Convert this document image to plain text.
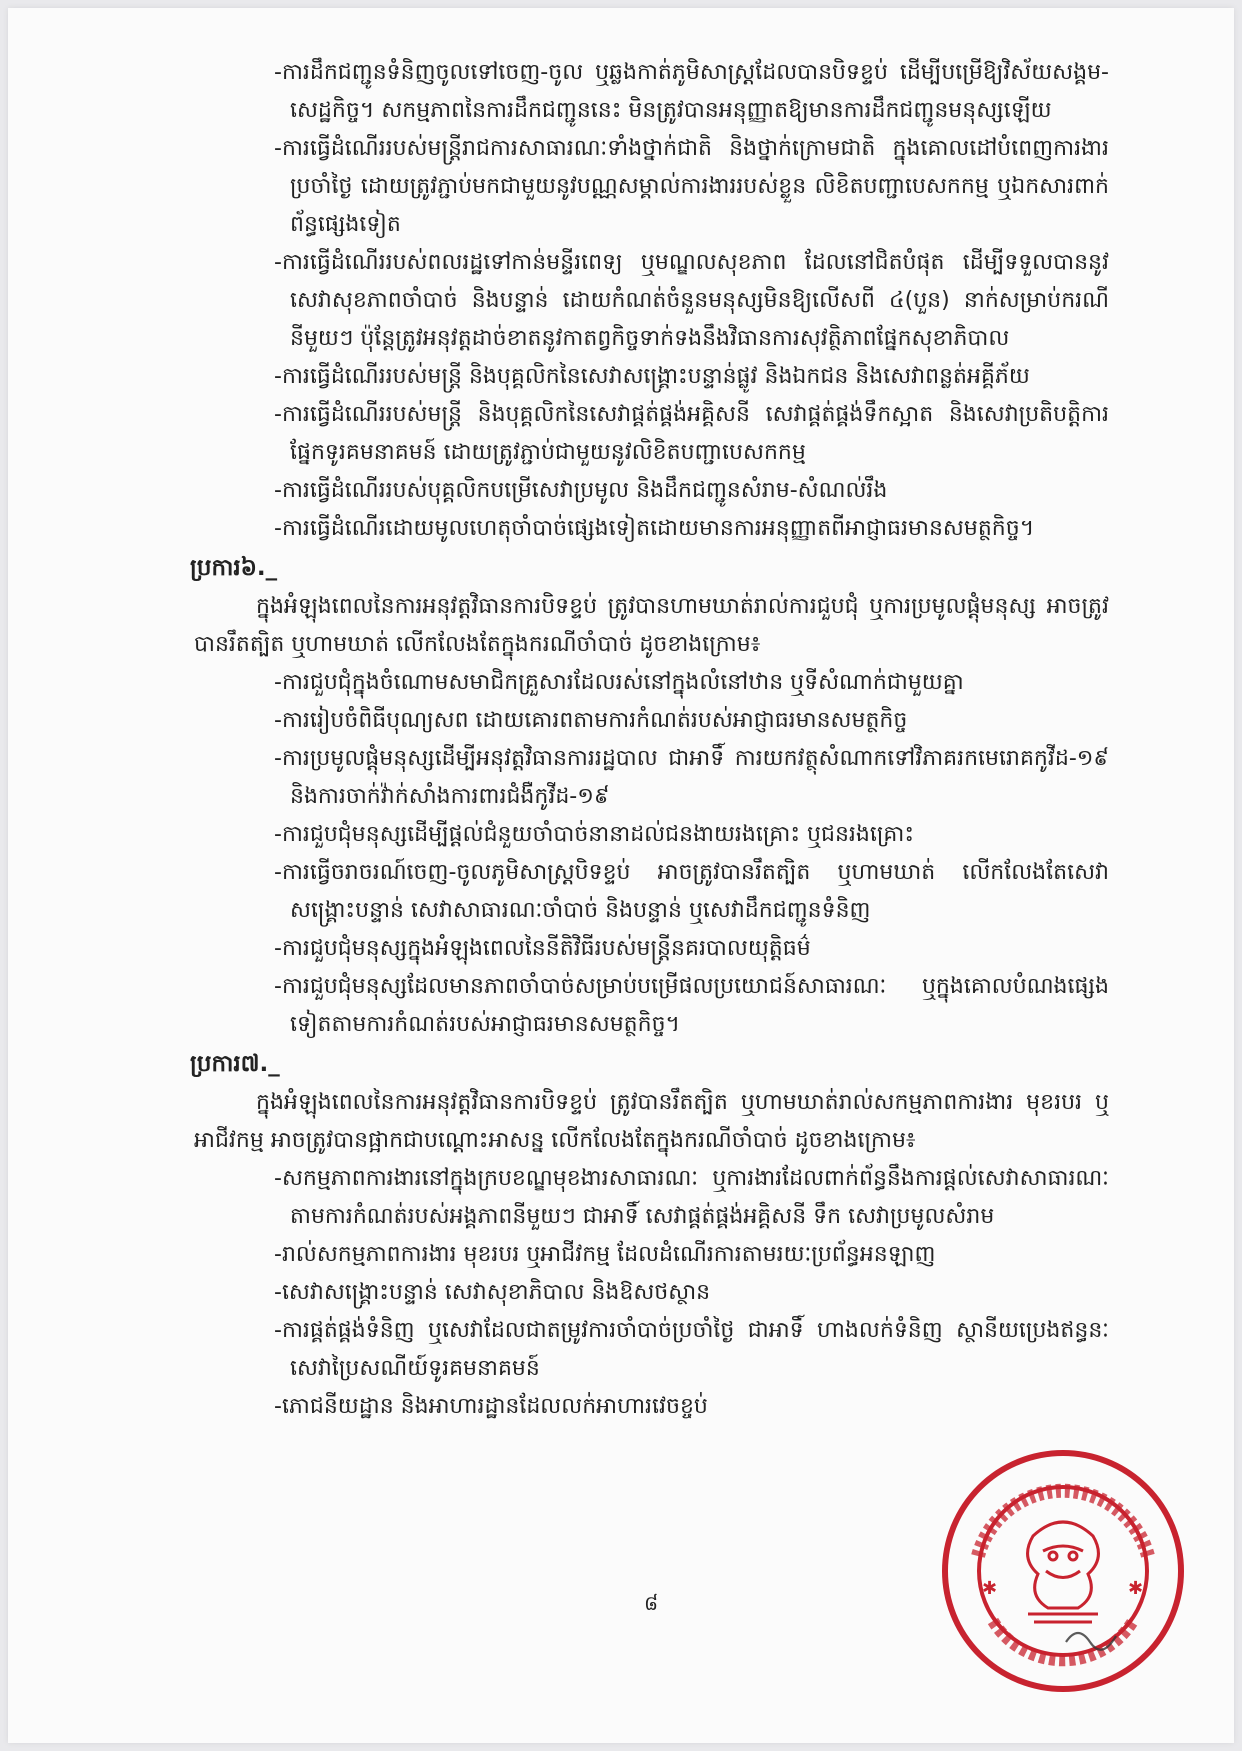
-ការដឹកជញ្ជូនទំនិញចូលទៅចេញ-ចូល ឬឆ្លងកាត់ភូមិសាស្ត្រដែលបានបិទខ្ទប់ ដើម្បីបម្រើឱ្យវិស័យសង្គម-សេដ្ឋកិច្ច។ សកម្មភាពនៃការដឹកជញ្ជូននេះ មិនត្រូវបានអនុញ្ញាតឱ្យមានការដឹកជញ្ជូនមនុស្សឡើយ

-ការធ្វើដំណើររបស់មន្ត្រីរាជការសាធារណៈទាំងថ្នាក់ជាតិ និងថ្នាក់ក្រោមជាតិ ក្នុងគោលដៅបំពេញការងារប្រចាំថ្ងៃ ដោយត្រូវភ្ជាប់មកជាមួយនូវបណ្ណសម្គាល់ការងាររបស់ខ្លួន លិខិតបញ្ជាបេសកកម្ម ឬឯកសារពាក់ព័ន្ធផ្សេងទៀត

-ការធ្វើដំណើររបស់ពលរដ្ឋទៅកាន់មន្ទីរពេទ្យ ឬមណ្ឌលសុខភាព ដែលនៅជិតបំផុត ដើម្បីទទួលបាននូវសេវាសុខភាពចាំបាច់ និងបន្ទាន់ ដោយកំណត់ចំនួនមនុស្សមិនឱ្យលើសពី ៤(បួន) នាក់សម្រាប់ករណីនីមួយៗ ប៉ុន្តែត្រូវអនុវត្តដាច់ខាតនូវកាតព្វកិច្ចទាក់ទងនឹងវិធានការសុវត្ថិភាពផ្នែកសុខាភិបាល

-ការធ្វើដំណើររបស់មន្ត្រី និងបុគ្គលិកនៃសេវាសង្គ្រោះបន្ទាន់ផ្លូវ និងឯកជន និងសេវាពន្លត់អគ្គីភ័យ

-ការធ្វើដំណើររបស់មន្ត្រី និងបុគ្គលិកនៃសេវាផ្គត់ផ្គង់អគ្គិសនី សេវាផ្គត់ផ្គង់ទឹកស្អាត និងសេវាប្រតិបត្តិការផ្នែកទូរគមនាគមន៍ ដោយត្រូវភ្ជាប់ជាមួយនូវលិខិតបញ្ជាបេសកកម្ម

-ការធ្វើដំណើររបស់បុគ្គលិកបម្រើសេវាប្រមូល និងដឹកជញ្ជូនសំរាម-សំណល់រឹង

-ការធ្វើដំណើរដោយមូលហេតុចាំបាច់ផ្សេងទៀតដោយមានការអនុញ្ញាតពីអាជ្ញាធរមានសមត្ថកិច្ច។

ប្រការ៦._

ក្នុងអំឡុងពេលនៃការអនុវត្តវិធានការបិទខ្ទប់ ត្រូវបានហាមឃាត់រាល់ការជួបជុំ ឬការប្រមូលផ្តុំមនុស្ស អាចត្រូវបានរឹតត្បិត ឬហាមឃាត់ លើកលែងតែក្នុងករណីចាំបាច់ ដូចខាងក្រោម៖

-ការជួបជុំក្នុងចំណោមសមាជិកគ្រួសារដែលរស់នៅក្នុងលំនៅឋាន ឬទីសំណាក់ជាមួយគ្នា

-ការរៀបចំពិធីបុណ្យសព ដោយគោរពតាមការកំណត់របស់អាជ្ញាធរមានសមត្ថកិច្ច

-ការប្រមូលផ្តុំមនុស្សដើម្បីអនុវត្តវិធានការរដ្ឋបាល ជាអាទិ៍ ការយកវត្ថុសំណាកទៅវិភាគរកមេរោគកូវីដ-១៩ និងការចាក់វ៉ាក់សាំងការពារជំងឺកូវីដ-១៩

-ការជួបជុំមនុស្សដើម្បីផ្តល់ជំនួយចាំបាច់នានាដល់ជនងាយរងគ្រោះ ឬជនរងគ្រោះ

-ការធ្វើចរាចរណ៍ចេញ-ចូលភូមិសាស្ត្របិទខ្ទប់ អាចត្រូវបានរឹតត្បិត ឬហាមឃាត់ លើកលែងតែសេវាសង្គ្រោះបន្ទាន់ សេវាសាធារណៈចាំបាច់ និងបន្ទាន់ ឬសេវាដឹកជញ្ជូនទំនិញ

-ការជួបជុំមនុស្សក្នុងអំឡុងពេលនៃនីតិវិធីរបស់មន្ត្រីនគរបាលយុត្តិធម៌

-ការជួបជុំមនុស្សដែលមានភាពចាំបាច់សម្រាប់បម្រើផលប្រយោជន៍សាធារណៈ ឬក្នុងគោលបំណងផ្សេងទៀតតាមការកំណត់របស់អាជ្ញាធរមានសមត្ថកិច្ច។

ប្រការ៧._

ក្នុងអំឡុងពេលនៃការអនុវត្តវិធានការបិទខ្ទប់ ត្រូវបានរឹតត្បិត ឬហាមឃាត់រាល់សកម្មភាពការងារ មុខរបរ ឬអាជីវកម្ម អាចត្រូវបានផ្អាកជាបណ្តោះអាសន្ន លើកលែងតែក្នុងករណីចាំបាច់ ដូចខាងក្រោម៖

-សកម្មភាពការងារនៅក្នុងក្របខណ្ឌមុខងារសាធារណៈ ឬការងារដែលពាក់ព័ន្ធនឹងការផ្តល់សេវាសាធារណៈ តាមការកំណត់របស់អង្គភាពនីមួយៗ ជាអាទិ៍ សេវាផ្គត់ផ្គង់អគ្គិសនី ទឹក សេវាប្រមូលសំរាម

-រាល់សកម្មភាពការងារ មុខរបរ ឬអាជីវកម្ម ដែលដំណើរការតាមរយៈប្រព័ន្ធអនឡាញ

-សេវាសង្គ្រោះបន្ទាន់ សេវាសុខាភិបាល និងឱសថស្ថាន

-ការផ្គត់ផ្គង់ទំនិញ ឬសេវាដែលជាតម្រូវការចាំបាច់ប្រចាំថ្ងៃ ជាអាទិ៍ ហាងលក់ទំនិញ ស្ថានីយប្រេងឥន្ធនៈ សេវាប្រៃសណីយ៍ទូរគមនាគមន៍

-ភោជនីយដ្ឋាន និងអាហារដ្ឋានដែលលក់អាហារវេចខ្ចប់

៨
✱	✱
